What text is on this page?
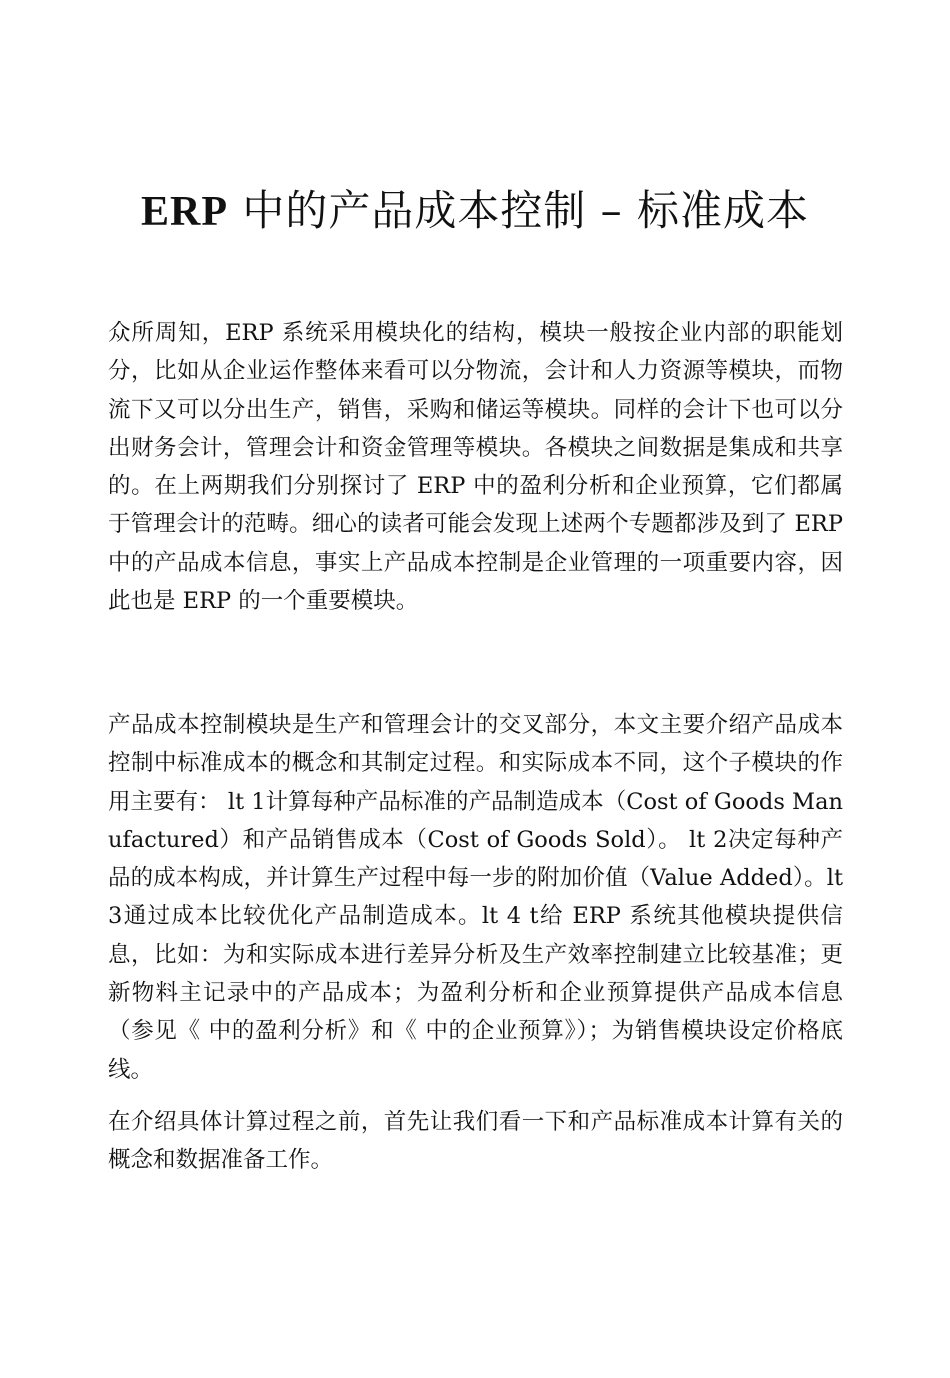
ERP 中的产品成本控制 – 标准成本

众所周知，ERP 系统采用模块化的结构，模块一般按企业内部的职能划分，比如从企业运作整体来看可以分物流，会计和人力资源等模块，而物流下又可以分出生产，销售，采购和储运等模块。同样的会计下也可以分出财务会计，管理会计和资金管理等模块。各模块之间数据是集成和共享的。在上两期我们分别探讨了 ERP 中的盈利分析和企业预算，它们都属于管理会计的范畴。细心的读者可能会发现上述两个专题都涉及到了 ERP 中的产品成本信息，事实上产品成本控制是企业管理的一项重要内容，因此也是 ERP 的一个重要模块。

产品成本控制模块是生产和管理会计的交叉部分，本文主要介绍产品成本控制中标准成本的概念和其制定过程。和实际成本不同，这个子模块的作用主要有： lt 1计算每种产品标准的产品制造成本（Cost of Goods Manufactured）和产品销售成本（Cost of Goods Sold）。 lt 2决定每种产品的成本构成，并计算生产过程中每一步的附加价值（Value Added）。lt 3通过成本比较优化产品制造成本。lt 4 t给 ERP 系统其他模块提供信息，比如：为和实际成本进行差异分析及生产效率控制建立比较基准；更新物料主记录中的产品成本；为盈利分析和企业预算提供产品成本信息（参见《 中的盈利分析》和《 中的企业预算》）；为销售模块设定价格底线。

在介绍具体计算过程之前，首先让我们看一下和产品标准成本计算有关的概念和数据准备工作。
